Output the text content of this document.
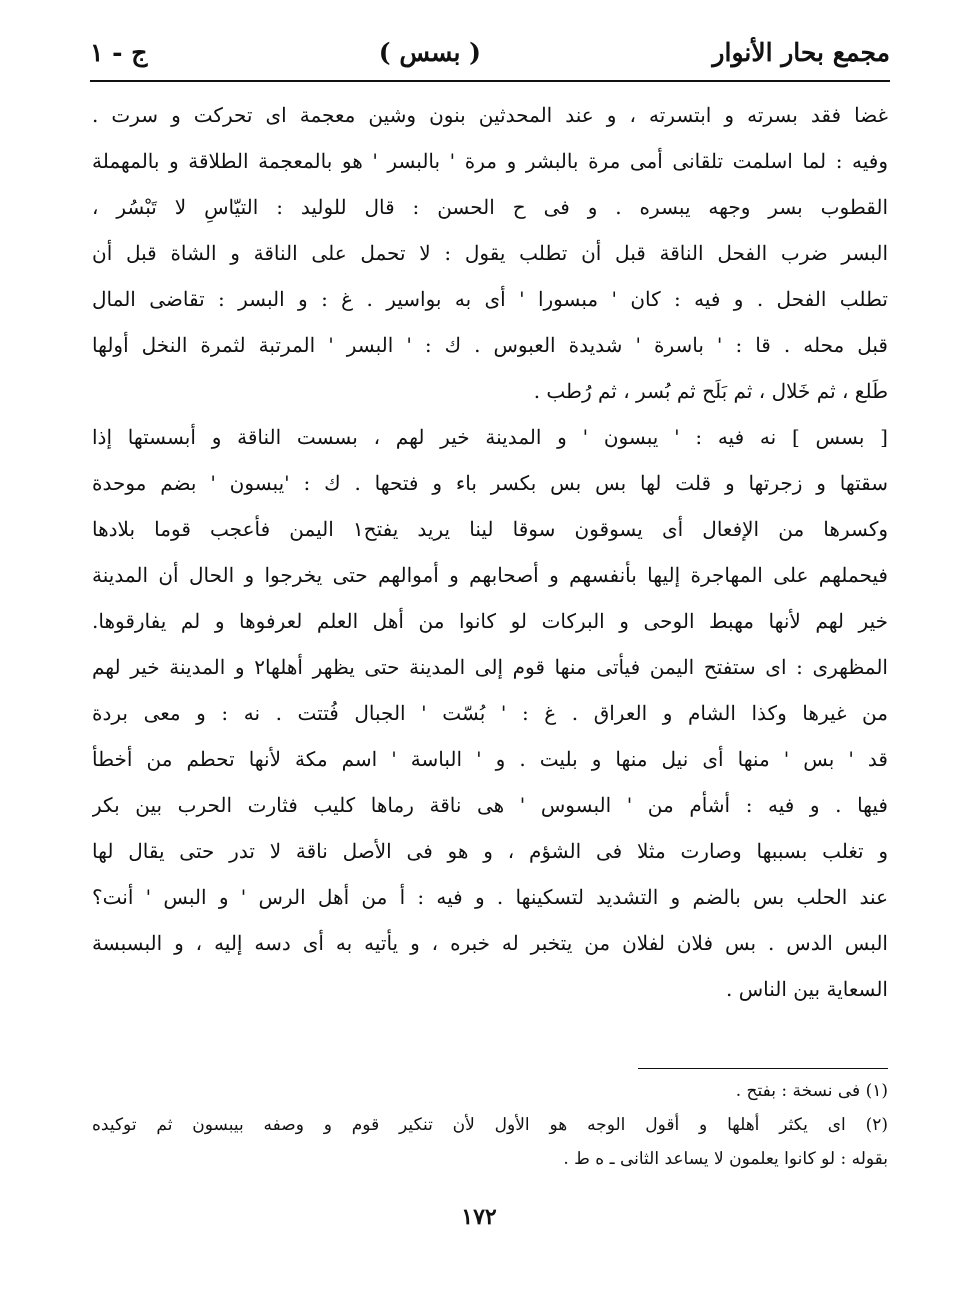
مجمع بحار الأنوار
( بسس )
ج - ١
غضا فقد بسرته و ابتسرته ، و عند المحدثين بنون وشين معجمة اى تحركت و سرت .
وفيه : لما اسلمت تلقانى أمى مرة بالبشر و مرة ' بالبسر ' هو بالمعجمة الطلاقة و بالمهملة
القطوب بسر وجهه يبسره . و فى ح الحسن : قال للوليد : التيّاسِ لا تَبْسُر ،
البسر ضرب الفحل الناقة قبل أن تطلب يقول : لا تحمل على الناقة و الشاة قبل أن
تطلب الفحل . و فيه : كان ' مبسورا ' أى به بواسير . غ : و البسر : تقاضى المال
قبل محله . قا : ' باسرة ' شديدة العبوس . ك : ' البسر ' المرتبة لثمرة النخل أولها
طَلع ، ثم خَلال ، ثم بَلَح ثم بُسر ، ثم رُطب .
[ بسس ] نه فيه : ' يبسون ' و المدينة خير لهم ، بسست الناقة و أبسستها إذا
سقتها و زجرتها و قلت لها بس بس بكسر باء و فتحها . ك : 'يبسون ' بضم موحدة
وكسرها من الإفعال أى يسوقون سوقا لينا يريد يفتح١ اليمن فأعجب قوما بلادها
فيحملهم على المهاجرة إليها بأنفسهم و أصحابهم و أموالهم حتى يخرجوا و الحال أن المدينة
خير لهم لأنها مهبط الوحى و البركات لو كانوا من أهل العلم لعرفوها و لم يفارقوها.
المظهرى : اى ستفتح اليمن فيأتى منها قوم إلى المدينة حتى يظهر أهلها٢ و المدينة خير لهم
من غيرها وكذا الشام و العراق . غ : ' بُسّت ' الجبال فُتتت . نه : و معى بردة
قد ' بس ' منها أى نيل منها و بليت . و ' الباسة ' اسم مكة لأنها تحطم من أخطأ
فيها . و فيه : أشأم من ' البسوس ' هى ناقة رماها كليب فثارت الحرب بين بكر
و تغلب بسببها وصارت مثلا فى الشؤم ، و هو فى الأصل ناقة لا تدر حتى يقال لها
عند الحلب بس بالضم و التشديد لتسكينها . و فيه : أ من أهل الرس ' و البس ' أنت؟
البس الدس . بس فلان لفلان من يتخبر له خبره ، و يأتيه به أى دسه إليه ، و البسبسة
السعاية بين الناس .
(١) فى نسخة : بفتح .
(٢) اى يكثر أهلها و أقول الوجه هو الأول لأن تنكير قوم و وصفه بيبسون ثم توكيده
بقوله : لو كانوا يعلمون لا يساعد الثانى ـ ه ط .
١٧٢
